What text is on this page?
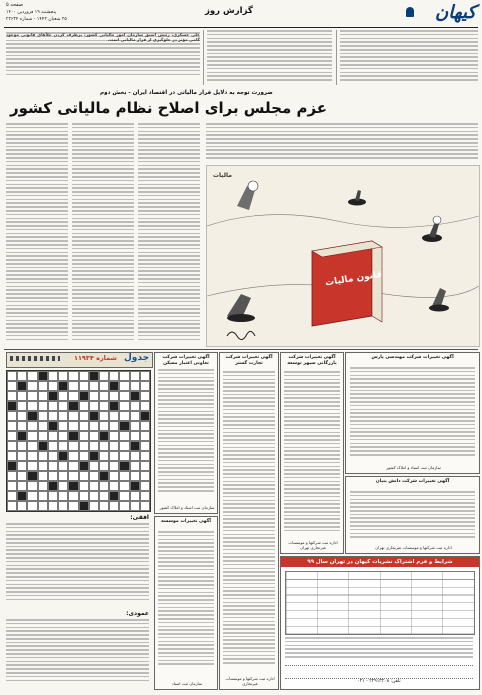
کیهان
گزارش روز
صفحه ۵
پنجشنبه ۱۹ فروردین ۱۴۰۰
۲۵ شعبان ۱۴۴۲ - شماره ۲۲۶۳۴
علی عسکری، رئیس اسبق سازمان امور مالیاتی کشور: برطرف کردن خلأهای قانونی موجود گامی مؤثر در جلوگیری از فرار مالیاتی است.
ضرورت توجه به دلایل فرار مالیاتی در اقتصاد ایران - بخش دوم
عزم مجلس برای اصلاح نظام مالیاتی کشور
قانون مالیات
مالیات
شماره ۱۱۹۳۴ جدول
افقی:
عمودی:
آگهی تغییرات شرکت تعاونی اعتبار مسکن
سازمان ثبت اسناد و املاک کشور
آگهی تغییرات موسسه
سازمان ثبت اسناد
آگهی تغییرات شرکت تجارت گستر
اداره ثبت شرکتها و موسسات غیرتجاری
آگهی تغییرات شرکت بازرگانی سپهر توسعه
اداره ثبت شرکتها و موسسات غیرتجاری تهران
آگهی تغییرات شرکت مهندسی پارس
سازمان ثبت اسناد و املاک کشور
آگهی تغییرات شرکت دانش بنیان
اداره ثبت شرکتها و موسسات غیرتجاری تهران
شرایط و فرم اشتراک نشریات کیهان در تهران سال ۹۹
تلفن: ۲۲۹۱۳۲۰۸ - ۰۲۱
